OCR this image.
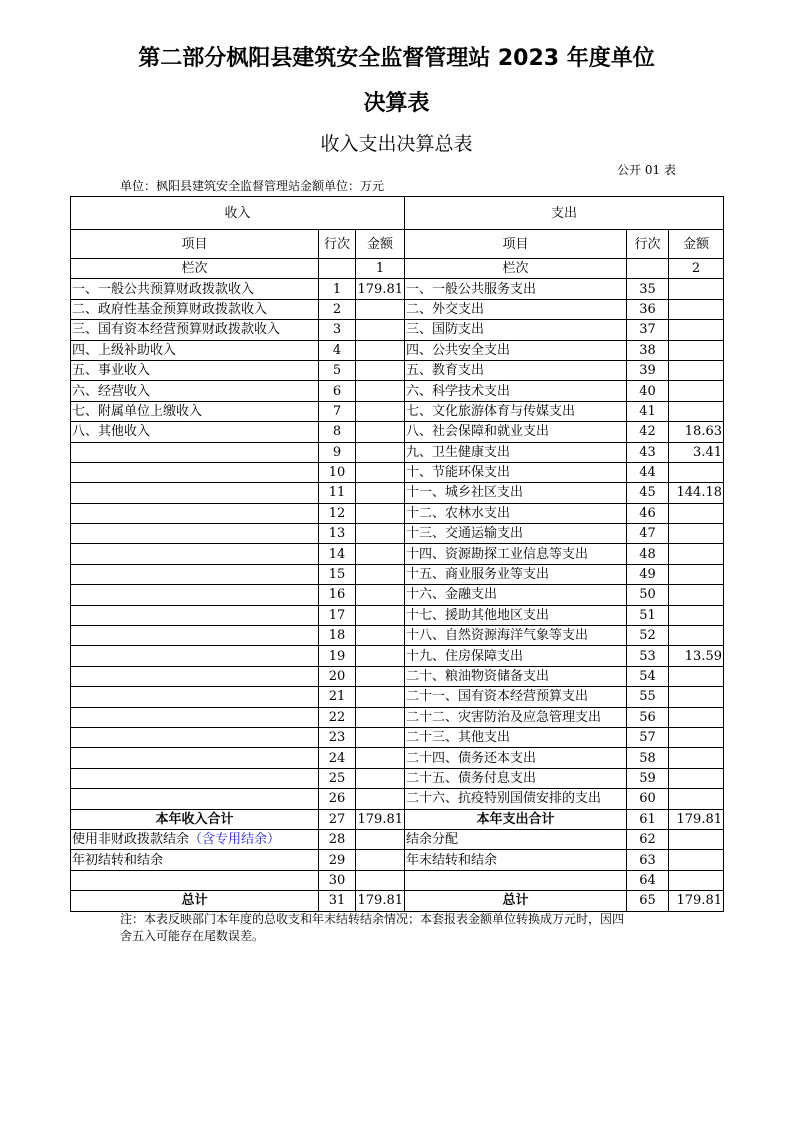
第二部分枫阳县建筑安全监督管理站 2023 年度单位
决算表
收入支出决算总表
公开 01 表
单位：枫阳县建筑安全监督管理站金额单位：万元
收入			支出		
项目	行次	金额	项目	行次	金额
栏次		1	栏次		2
一、一般公共预算财政拨款收入	1	179.81	一、一般公共服务支出	35	
二、政府性基金预算财政拨款收入	2		二、外交支出	36	
三、国有资本经营预算财政拨款收入	3		三、国防支出	37	
四、上级补助收入	4		四、公共安全支出	38	
五、事业收入	5		五、教育支出	39	
六、经营收入	6		六、科学技术支出	40	
七、附属单位上缴收入	7		七、文化旅游体育与传媒支出	41	
八、其他收入	8		八、社会保障和就业支出	42	18.63
	9		九、卫生健康支出	43	3.41
	10		十、节能环保支出	44	
	11		十一、城乡社区支出	45	144.18
	12		十二、农林水支出	46	
	13		十三、交通运输支出	47	
	14		十四、资源勘探工业信息等支出	48	
	15		十五、商业服务业等支出	49	
	16		十六、金融支出	50	
	17		十七、援助其他地区支出	51	
	18		十八、自然资源海洋气象等支出	52	
	19		十九、住房保障支出	53	13.59
	20		二十、粮油物资储备支出	54	
	21		二十一、国有资本经营预算支出	55	
	22		二十二、灾害防治及应急管理支出	56	
	23		二十三、其他支出	57	
	24		二十四、债务还本支出	58	
	25		二十五、债务付息支出	59	
	26		二十六、抗疫特别国债安排的支出	60	
本年收入合计	27	179.81	本年支出合计	61	179.81
使用非财政拨款结余（含专用结余）	28		结余分配	62	
年初结转和结余	29		年末结转和结余	63	
	30			64	
总计	31	179.81	总计	65	179.81
注：本表反映部门本年度的总收支和年末结转结余情况；本套报表金额单位转换成万元时，因四
舍五入可能存在尾数误差。
